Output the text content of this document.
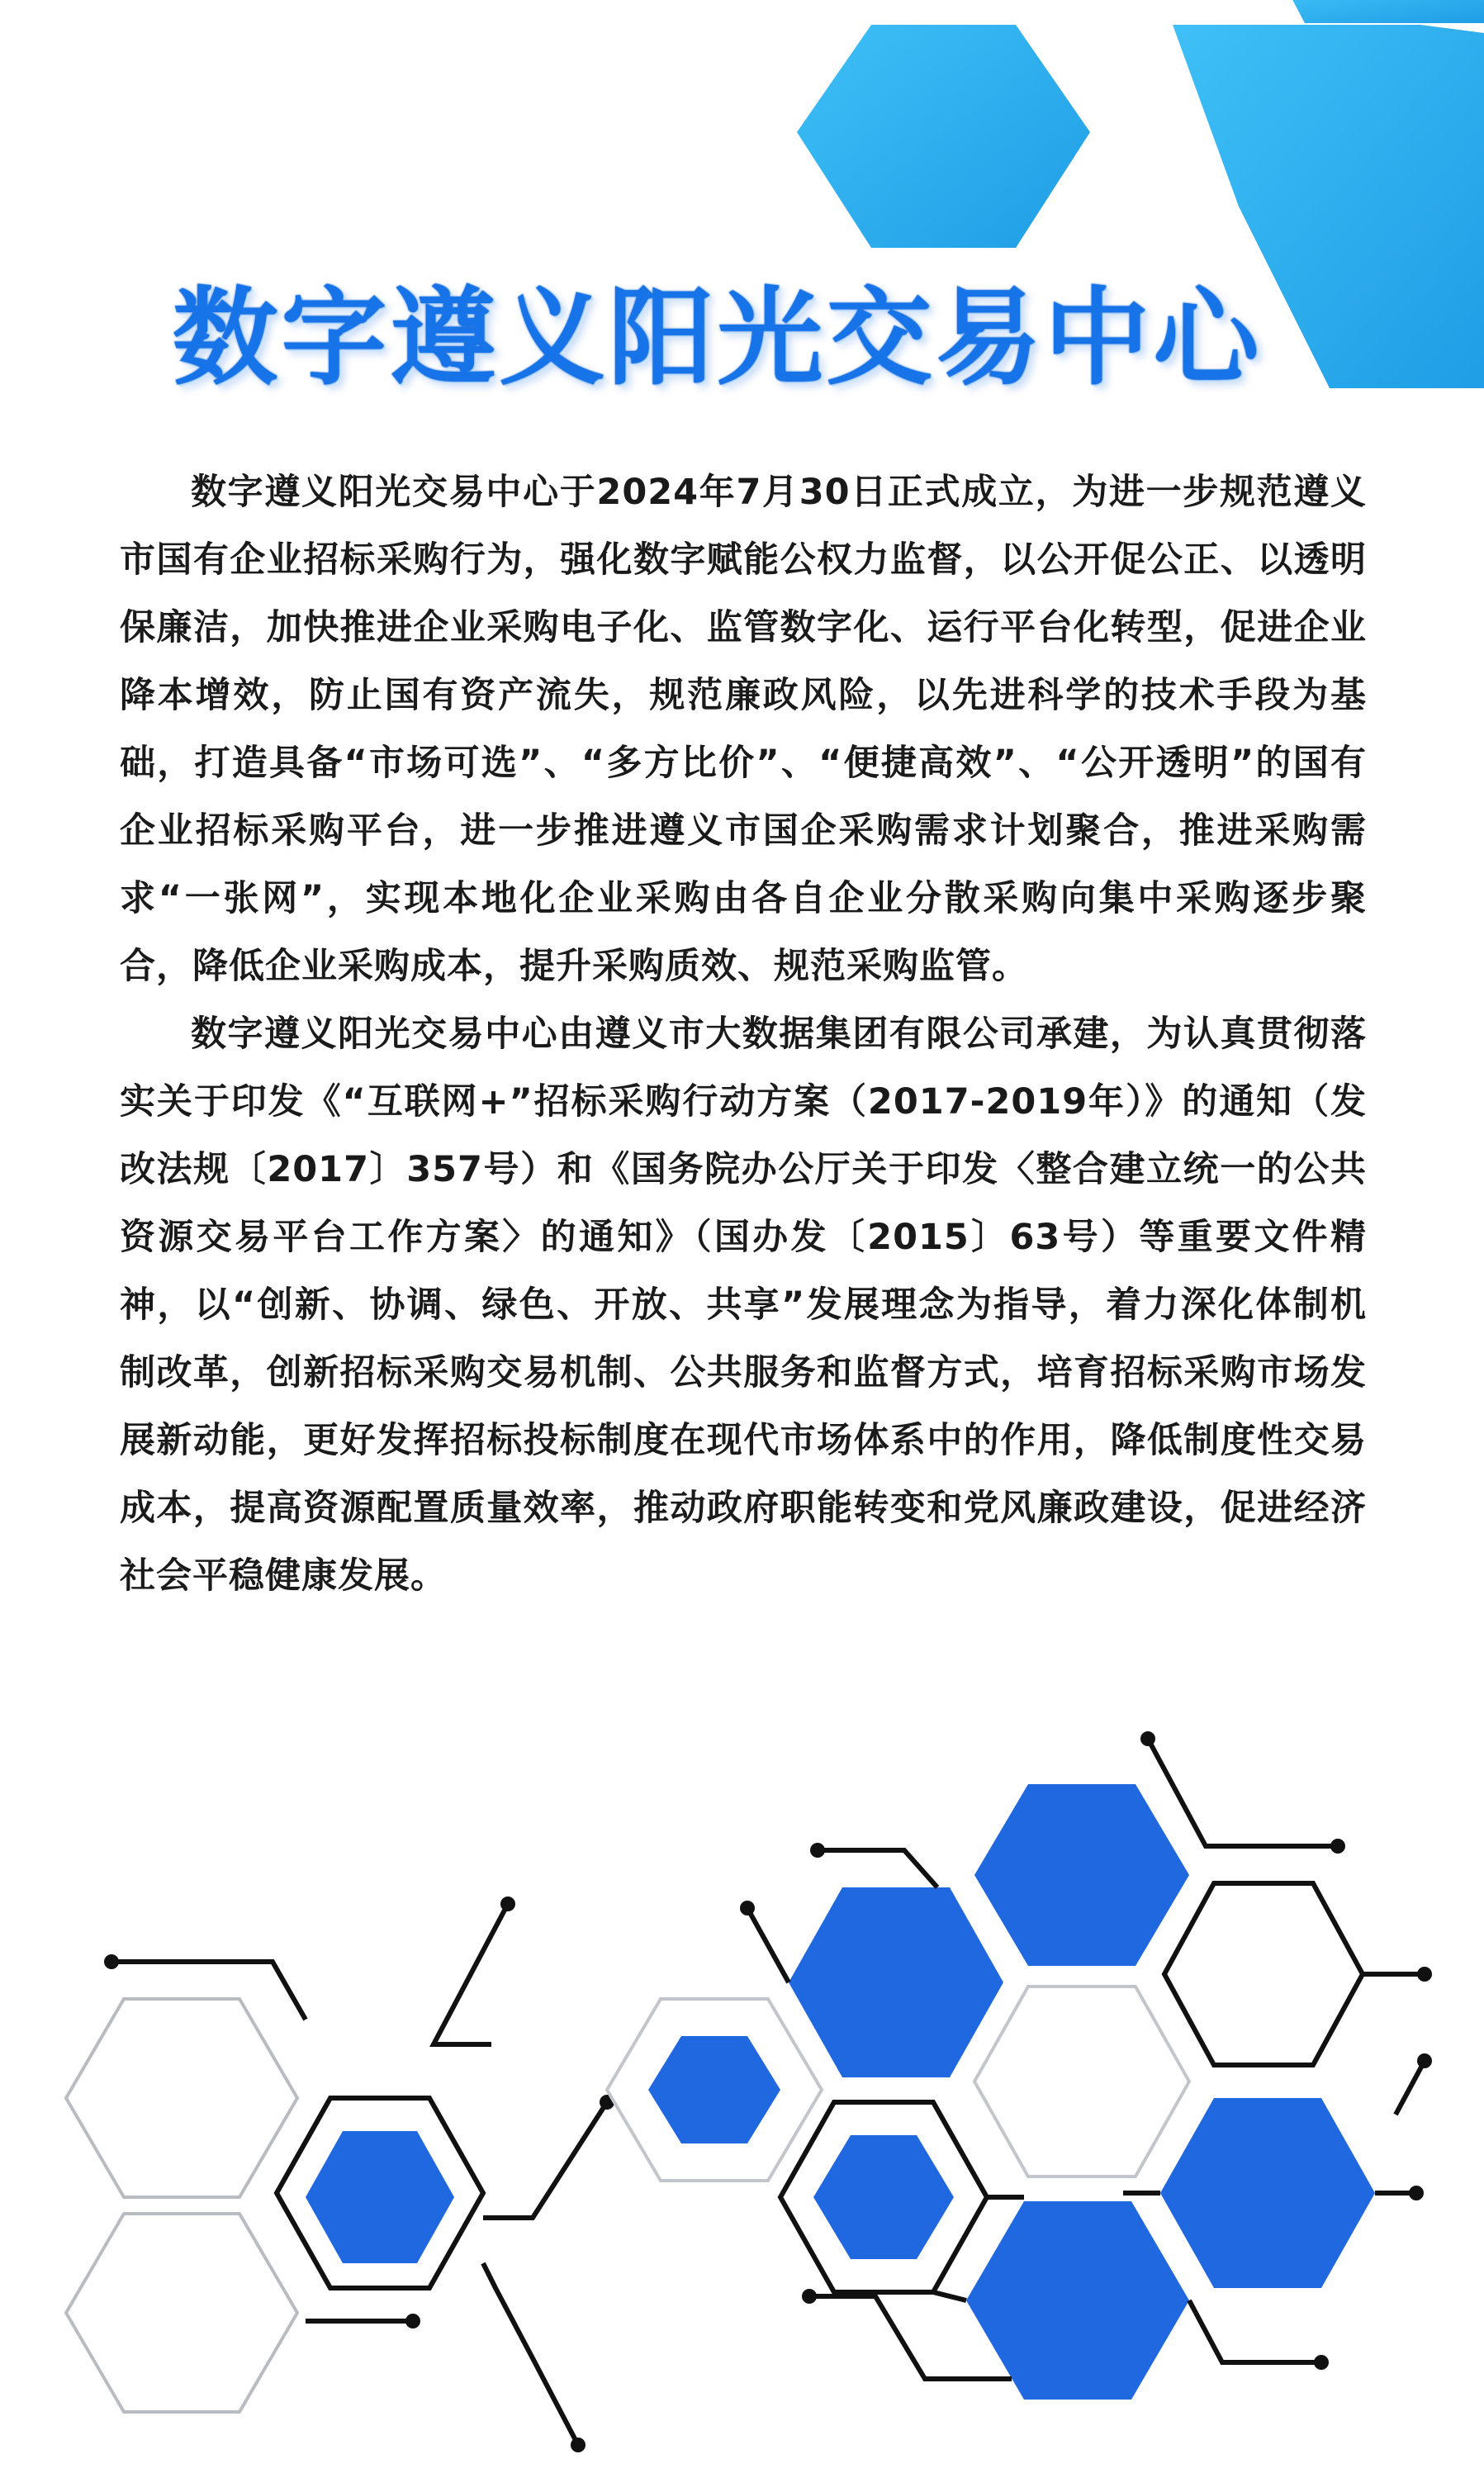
数字遵义阳光交易中心

数字遵义阳光交易中心于2024年7月30日正式成立，为进一步规范遵义市国有企业招标采购行为，强化数字赋能公权力监督，以公开促公正、以透明保廉洁，加快推进企业采购电子化、监管数字化、运行平台化转型，促进企业降本增效，防止国有资产流失，规范廉政风险，以先进科学的技术手段为基础，打造具备“市场可选”、“多方比价”、“便捷高效”、“公开透明”的国有企业招标采购平台，进一步推进遵义市国企采购需求计划聚合，推进采购需求“一张网”，实现本地化企业采购由各自企业分散采购向集中采购逐步聚合，降低企业采购成本，提升采购质效、规范采购监管。

数字遵义阳光交易中心由遵义市大数据集团有限公司承建，为认真贯彻落实关于印发《“互联网+”招标采购行动方案（2017-2019年）》的通知（发改法规〔2017〕357号）和《国务院办公厅关于印发〈整合建立统一的公共资源交易平台工作方案〉的通知》（国办发〔2015〕63号）等重要文件精神，以“创新、协调、绿色、开放、共享”发展理念为指导，着力深化体制机制改革，创新招标采购交易机制、公共服务和监督方式，培育招标采购市场发展新动能，更好发挥招标投标制度在现代市场体系中的作用，降低制度性交易成本，提高资源配置质量效率，推动政府职能转变和党风廉政建设，促进经济社会平稳健康发展。
